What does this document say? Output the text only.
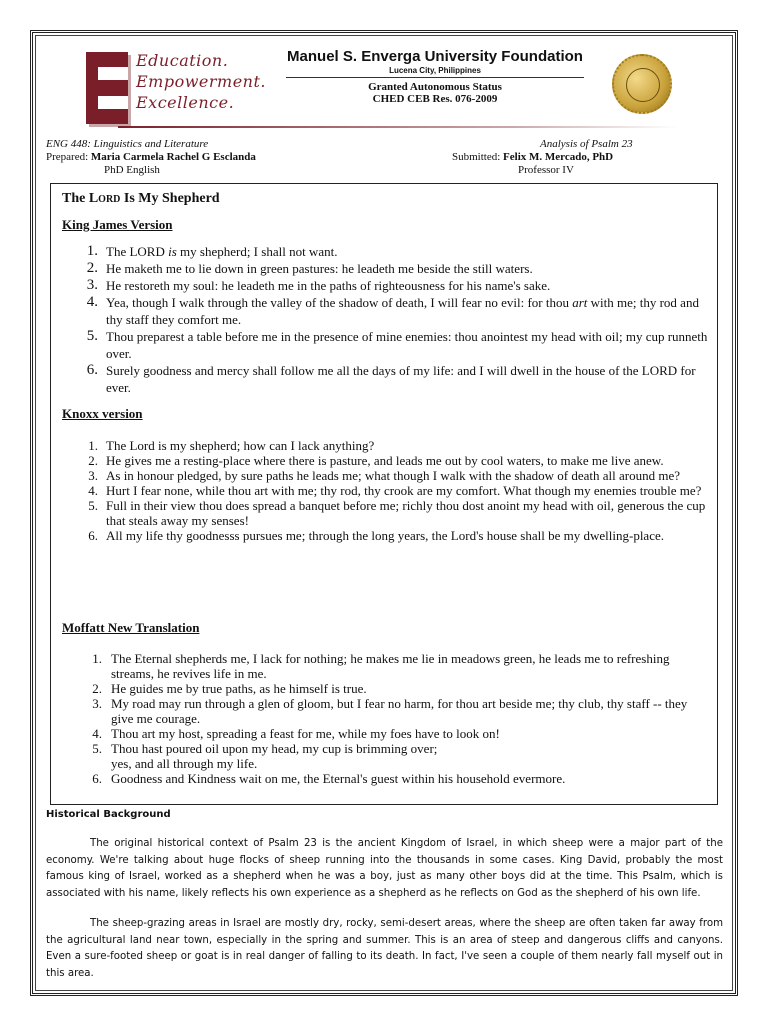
Education.
Empowerment.
Excellence.
Manuel S. Enverga University Foundation
Lucena City, Philippines
Granted Autonomous Status
CHED CEB Res. 076-2009
ENG 448: Linguistics and Literature
Prepared: Maria Carmela Rachel G Esclanda
PhD English
Analysis of Psalm 23
Submitted: Felix M. Mercado, PhD
Professor IV
The Lord Is My Shepherd
King James Version
1. The LORD is my shepherd; I shall not want.
2. He maketh me to lie down in green pastures: he leadeth me beside the still waters.
3. He restoreth my soul: he leadeth me in the paths of righteousness for his name's sake.
4. Yea, though I walk through the valley of the shadow of death, I will fear no evil: for thou art with me; thy rod and thy staff they comfort me.
5. Thou preparest a table before me in the presence of mine enemies: thou anointest my head with oil; my cup runneth over.
6. Surely goodness and mercy shall follow me all the days of my life: and I will dwell in the house of the LORD for ever.
Knoxx version
1. The Lord is my shepherd; how can I lack anything?
2. He gives me a resting-place where there is pasture, and leads me out by cool waters, to make me live anew.
3. As in honour pledged, by sure paths he leads me; what though I walk with the shadow of death all around me?
4. Hurt I fear none, while thou art with me; thy rod, thy crook are my comfort. What though my enemies trouble me?
5. Full in their view thou does spread a banquet before me; richly thou dost anoint my head with oil, generous the cup that steals away my senses!
6. All my life thy goodnesss pursues me; through the long years, the Lord's house shall be my dwelling-place.
Moffatt New Translation
1. The Eternal shepherds me, I lack for nothing; he makes me lie in meadows green, he leads me to refreshing streams, he revives life in me.
2. He guides me by true paths, as he himself is true.
3. My road may run through a glen of gloom, but I fear no harm, for thou art beside me; thy club, thy staff -- they give me courage.
4. Thou art my host, spreading a feast for me, while my foes have to look on!
5. Thou hast poured oil upon my head, my cup is brimming over;
yes, and all through my life.
6. Goodness and Kindness wait on me, the Eternal's guest within his household evermore.
Historical Background
The original historical context of Psalm 23 is the ancient Kingdom of Israel, in which sheep were a major part of the economy. We're talking about huge flocks of sheep running into the thousands in some cases. King David, probably the most famous king of Israel, worked as a shepherd when he was a boy, just as many other boys did at the time. This Psalm, which is associated with his name, likely reflects his own experience as a shepherd as he reflects on God as the shepherd of his own life.
The sheep-grazing areas in Israel are mostly dry, rocky, semi-desert areas, where the sheep are often taken far away from the agricultural land near town, especially in the spring and summer. This is an area of steep and dangerous cliffs and canyons. Even a sure-footed sheep or goat is in real danger of falling to its death. In fact, I've seen a couple of them nearly fall myself out in this area.
